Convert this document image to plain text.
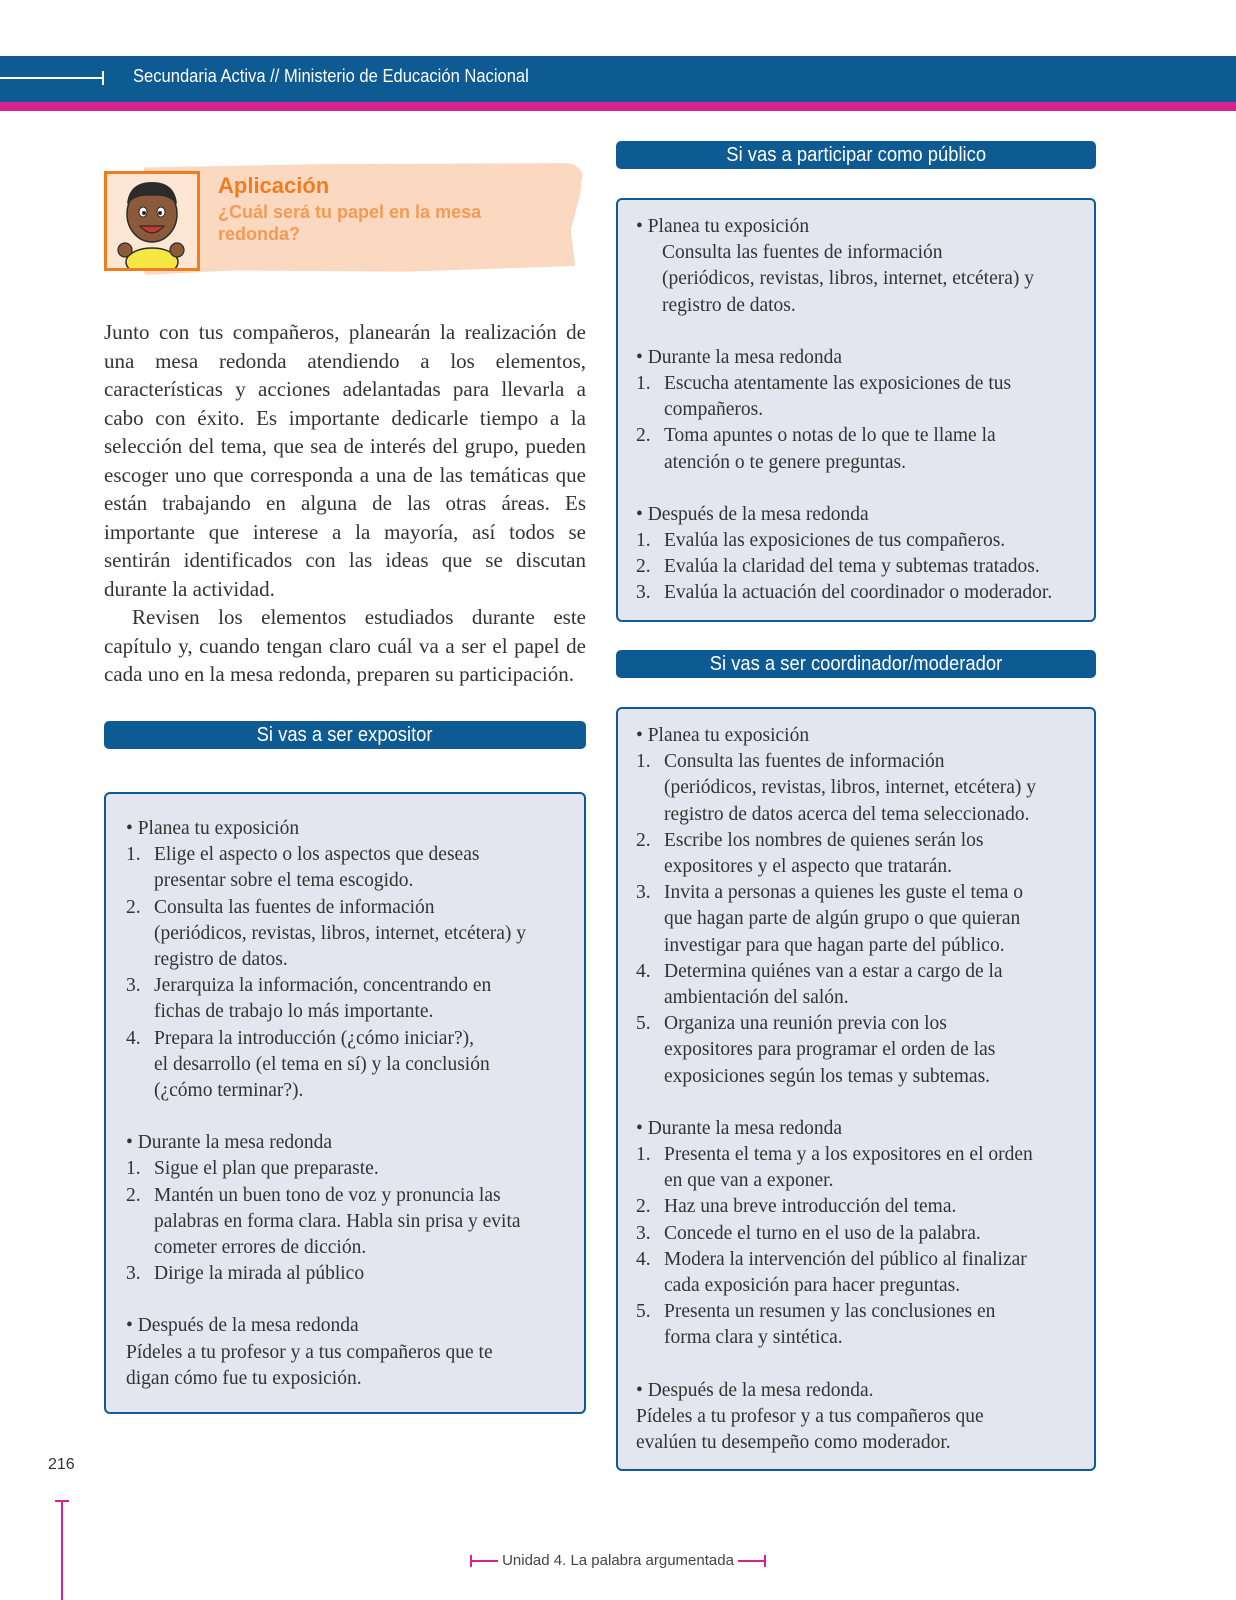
Secundaria Activa // Ministerio de Educación Nacional
Aplicación
¿Cuál será tu papel en la mesa redonda?

Junto con tus compañeros, planearán la realización de una mesa redonda atendiendo a los elementos, características y acciones adelantadas para llevarla a cabo con éxito. Es importante dedicarle tiempo a la selección del tema, que sea de interés del grupo, pueden escoger uno que corresponda a una de las temáticas que están trabajando en alguna de las otras áreas. Es importante que interese a la mayoría, así todos se sentirán identificados con las ideas que se discutan durante la actividad.

Revisen los elementos estudiados durante este capítulo y, cuando tengan claro cuál va a ser el papel de cada uno en la mesa redonda, preparen su participación.

Si vas a ser expositor
• Planea tu exposición
1. Elige el aspecto o los aspectos que deseas
presentar sobre el tema escogido.
2. Consulta las fuentes de información
(periódicos, revistas, libros, internet, etcétera) y
registro de datos.
3. Jerarquiza la información, concentrando en
fichas de trabajo lo más importante.
4. Prepara la introducción (¿cómo iniciar?),
el desarrollo (el tema en sí) y la conclusión
(¿cómo terminar?).
• Durante la mesa redonda
1. Sigue el plan que preparaste.
2. Mantén un buen tono de voz y pronuncia las
palabras en forma clara. Habla sin prisa y evita
cometer errores de dicción.
3. Dirige la mirada al público
• Después de la mesa redonda
Pídeles a tu profesor y a tus compañeros que te
digan cómo fue tu exposición.
Si vas a participar como público
• Planea tu exposición
Consulta las fuentes de información
(periódicos, revistas, libros, internet, etcétera) y
registro de datos.
• Durante la mesa redonda
1. Escucha atentamente las exposiciones de tus
compañeros.
2. Toma apuntes o notas de lo que te llame la
atención o te genere preguntas.
• Después de la mesa redonda
1. Evalúa las exposiciones de tus compañeros.
2. Evalúa la claridad del tema y subtemas tratados.
3. Evalúa la actuación del coordinador o moderador.
Si vas a ser coordinador/moderador
• Planea tu exposición
1. Consulta las fuentes de información
(periódicos, revistas, libros, internet, etcétera) y
registro de datos acerca del tema seleccionado.
2. Escribe los nombres de quienes serán los
expositores y el aspecto que tratarán.
3. Invita a personas a quienes les guste el tema o
que hagan parte de algún grupo o que quieran
investigar para que hagan parte del público.
4. Determina quiénes van a estar a cargo de la
ambientación del salón.
5. Organiza una reunión previa con los
expositores para programar el orden de las
exposiciones según los temas y subtemas.
• Durante la mesa redonda
1. Presenta el tema y a los expositores en el orden
en que van a exponer.
2. Haz una breve introducción del tema.
3. Concede el turno en el uso de la palabra.
4. Modera la intervención del público al finalizar
cada exposición para hacer preguntas.
5. Presenta un resumen y las conclusiones en
forma clara y sintética.
• Después de la mesa redonda.
Pídeles a tu profesor y a tus compañeros que
evalúen tu desempeño como moderador.
216
Unidad 4. La palabra argumentada
